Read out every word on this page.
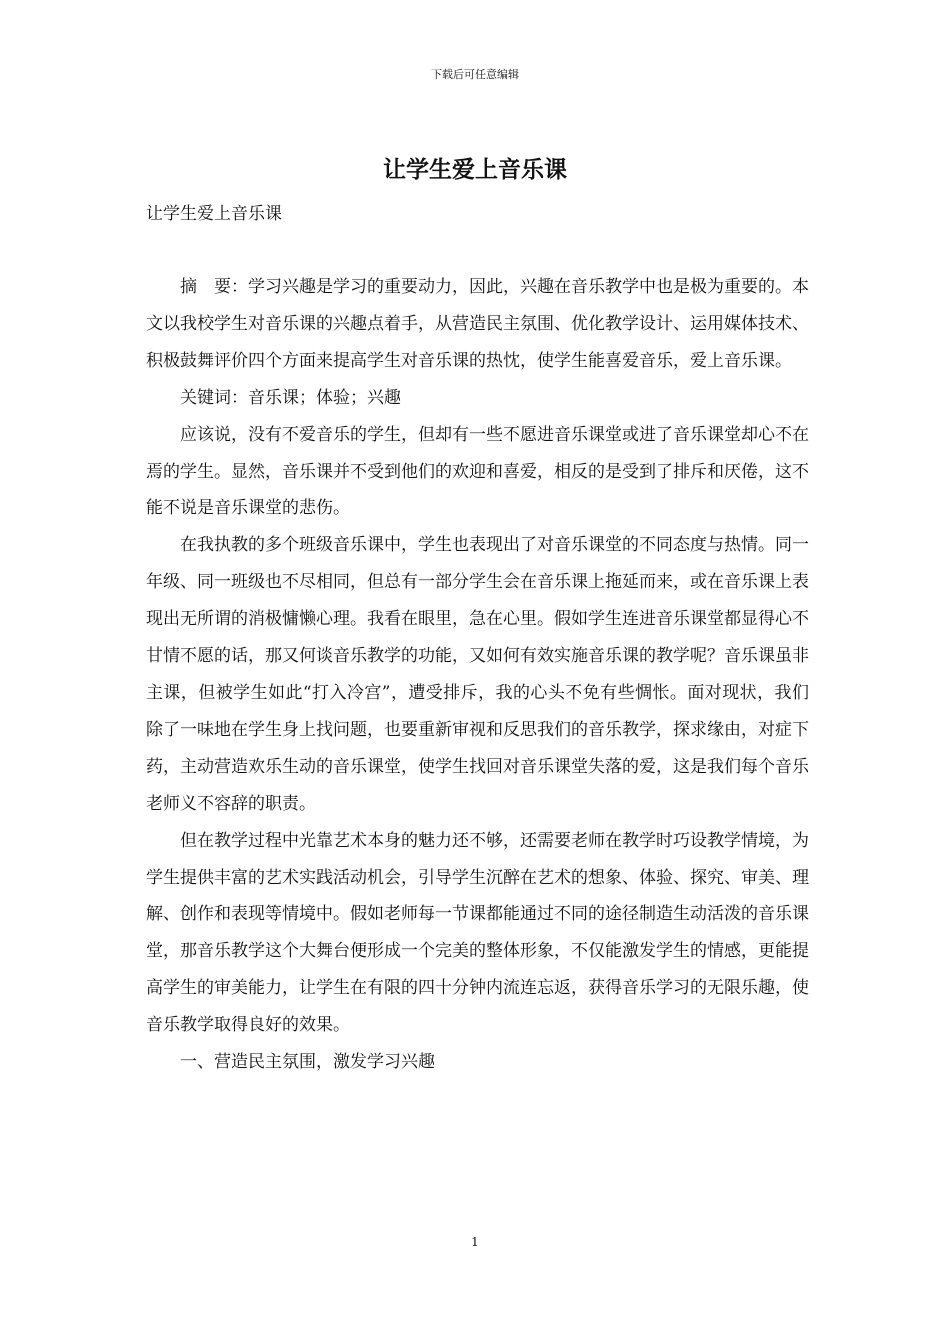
下载后可任意编辑
让学生爱上音乐课

让学生爱上音乐课

摘　要：学习兴趣是学习的重要动力，因此，兴趣在音乐教学中也是极为重要的。本文以我校学生对音乐课的兴趣点着手，从营造民主氛围、优化教学设计、运用媒体技术、积极鼓舞评价四个方面来提高学生对音乐课的热忱，使学生能喜爱音乐，爱上音乐课。

关键词：音乐课；体验；兴趣

应该说，没有不爱音乐的学生，但却有一些不愿进音乐课堂或进了音乐课堂却心不在焉的学生。显然，音乐课并不受到他们的欢迎和喜爱，相反的是受到了排斥和厌倦，这不能不说是音乐课堂的悲伤。

在我执教的多个班级音乐课中，学生也表现出了对音乐课堂的不同态度与热情。同一年级、同一班级也不尽相同，但总有一部分学生会在音乐课上拖延而来，或在音乐课上表现出无所谓的消极慵懒心理。我看在眼里，急在心里。假如学生连进音乐课堂都显得心不甘情不愿的话，那又何谈音乐教学的功能，又如何有效实施音乐课的教学呢？音乐课虽非主课，但被学生如此“打入冷宫”，遭受排斥，我的心头不免有些惆怅。面对现状，我们除了一味地在学生身上找问题，也要重新审视和反思我们的音乐教学，探求缘由，对症下药，主动营造欢乐生动的音乐课堂，使学生找回对音乐课堂失落的爱，这是我们每个音乐老师义不容辞的职责。

但在教学过程中光靠艺术本身的魅力还不够，还需要老师在教学时巧设教学情境，为学生提供丰富的艺术实践活动机会，引导学生沉醉在艺术的想象、体验、探究、审美、理解、创作和表现等情境中。假如老师每一节课都能通过不同的途径制造生动活泼的音乐课堂，那音乐教学这个大舞台便形成一个完美的整体形象，不仅能激发学生的情感，更能提高学生的审美能力，让学生在有限的四十分钟内流连忘返，获得音乐学习的无限乐趣，使音乐教学取得良好的效果。

一、营造民主氛围，激发学习兴趣

1
